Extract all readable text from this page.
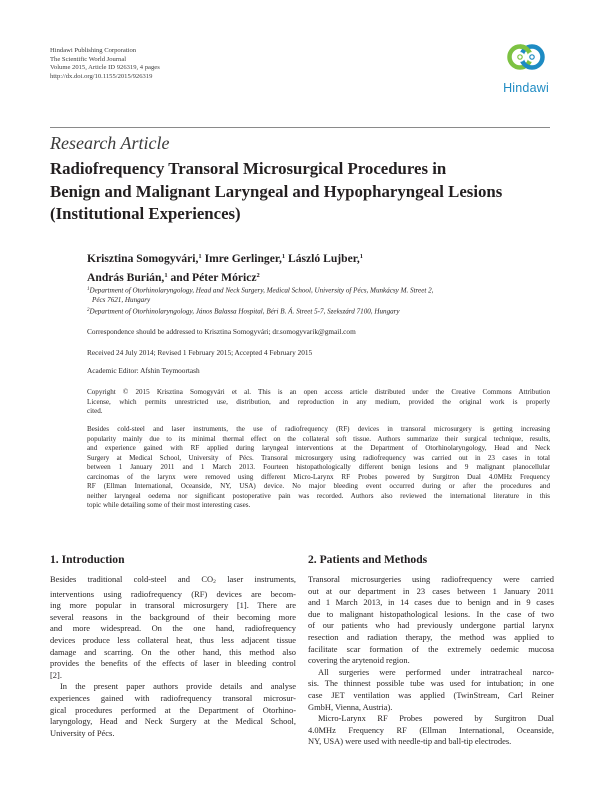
Hindawi Publishing Corporation
The Scientific World Journal
Volume 2015, Article ID 926319, 4 pages
http://dx.doi.org/10.1155/2015/926319
Hindawi
Research Article
Radiofrequency Transoral Microsurgical Procedures in
Benign and Malignant Laryngeal and Hypopharyngeal Lesions
(Institutional Experiences)
Krisztina Somogyvári,$^1$ Imre Gerlinger,$^1$ László Lujber,$^1$
András Burián,$^1$ and Péter Móricz$^2$
$^1$Department of Otorhinolaryngology, Head and Neck Surgery, Medical School, University of Pécs, Munkácsy M. Street 2,
Pécs 7621, Hungary
$^2$Department of Otorhinolaryngology, János Balassa Hospital, Béri B. Á. Street 5-7, Szekszárd 7100, Hungary
Correspondence should be addressed to Krisztina Somogyvári; dr.somogyvarik@gmail.com
Received 24 July 2014; Revised 1 February 2015; Accepted 4 February 2015
Academic Editor: Afshin Teymoortash
Copyright © 2015 Krisztina Somogyvári et al. This is an open access article distributed under the Creative Commons Attribution
License, which permits unrestricted use, distribution, and reproduction in any medium, provided the original work is properly
cited.
Besides cold-steel and laser instruments, the use of radiofrequency (RF) devices in transoral microsurgery is getting increasing
popularity mainly due to its minimal thermal effect on the collateral soft tissue. Authors summarize their surgical technique, results,
and experience gained with RF applied during laryngeal interventions at the Department of Otorhinolaryngology, Head and Neck
Surgery at Medical School, University of Pécs. Transoral microsurgery using radiofrequency was carried out in 23 cases in total
between 1 January 2011 and 1 March 2013. Fourteen histopathologically different benign lesions and 9 malignant planocellular
carcinomas of the larynx were removed using different Micro-Larynx RF Probes powered by Surgitron Dual 4.0MHz Frequency
RF (Ellman International, Oceanside, NY, USA) device. No major bleeding event occurred during or after the procedures and
neither laryngeal oedema nor significant postoperative pain was recorded. Authors also reviewed the international literature in this
topic while detailing some of their most interesting cases.
1. Introduction
Besides traditional cold-steel and $CO_2$ laser instruments,
interventions using radiofrequency (RF) devices are becom-
ing more popular in transoral microsurgery [1]. There are
several reasons in the background of their becoming more
and more widespread. On the one hand, radiofrequency
devices produce less collateral heat, thus less adjacent tissue
damage and scarring. On the other hand, this method also
provides the benefits of the effects of laser in bleeding control
[2].
In the present paper authors provide details and analyse
experiences gained with radiofrequency transoral microsur-
gical procedures performed at the Department of Otorhino-
laryngology, Head and Neck Surgery at the Medical School,
University of Pécs.
2. Patients and Methods
Transoral microsurgeries using radiofrequency were carried
out at our department in 23 cases between 1 January 2011
and 1 March 2013, in 14 cases due to benign and in 9 cases
due to malignant histopathological lesions. In the case of two
of our patients who had previously undergone partial larynx
resection and radiation therapy, the method was applied to
facilitate scar formation of the extremely oedemic mucosa
covering the arytenoid region.
All surgeries were performed under intratracheal narco-
sis. The thinnest possible tube was used for intubation; in one
case JET ventilation was applied (TwinStream, Carl Reiner
GmbH, Vienna, Austria).
Micro-Larynx RF Probes powered by Surgitron Dual
4.0MHz Frequency RF (Ellman International, Oceanside,
NY, USA) were used with needle-tip and ball-tip electrodes.
